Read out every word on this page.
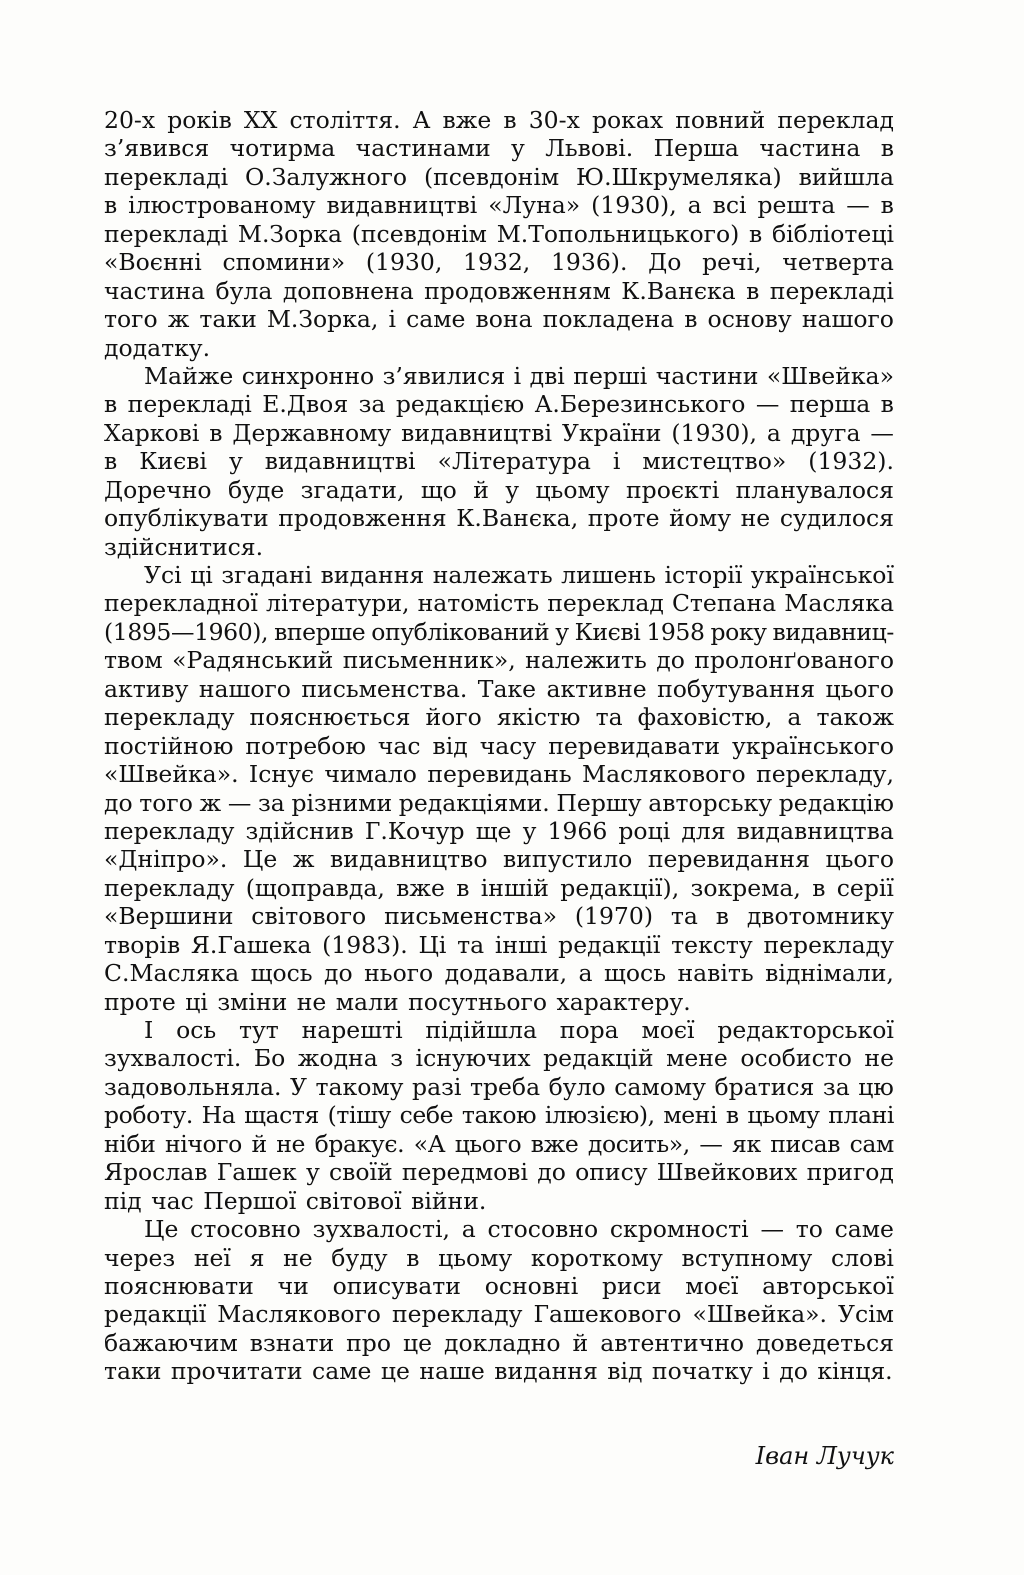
20-х років XX століття. А вже в 30-х роках повний переклад
з’явився чотирма частинами у Львові. Перша частина в
перекладі О.Залужного (псевдонім Ю.Шкрумеляка) вийшла
в ілюстрованому видавництві «Луна» (1930), а всі решта — в
перекладі М.Зорка (псевдонім М.Топольницького) в бібліотеці
«Воєнні спомини» (1930, 1932, 1936). До речі, четверта
частина була доповнена продовженням К.Ванєка в перекладі
того ж таки М.Зорка, і саме вона покладена в основу нашого
додатку.
Майже синхронно з’явилися і дві перші частини «Швейка»
в перекладі Е.Двоя за редакцією А.Березинського — перша в
Харкові в Державному видавництві України (1930), а друга —
в Києві у видавництві «Література і мистецтво» (1932).
Доречно буде згадати, що й у цьому проєкті планувалося
опублікувати продовження К.Ванєка, проте йому не судилося
здійснитися.
Усі ці згадані видання належать лишень історії української
перекладної літератури, натомість переклад Степана Масляка
(1895—1960), вперше опублікований у Києві 1958 року видавниц-
твом «Радянський письменник», належить до пролонґованого
активу нашого письменства. Таке активне побутування цього
перекладу пояснюється його якістю та фаховістю, а також
постійною потребою час від часу перевидавати українського
«Швейка». Існує чимало перевидань Маслякового перекладу,
до того ж — за різними редакціями. Першу авторську редакцію
перекладу здійснив Г.Кочур ще у 1966 році для видавництва
«Дніпро». Це ж видавництво випустило перевидання цього
перекладу (щоправда, вже в іншій редакції), зокрема, в серії
«Вершини світового письменства» (1970) та в двотомнику
творів Я.Гашека (1983). Ці та інші редакції тексту перекладу
С.Масляка щось до нього додавали, а щось навіть віднімали,
проте ці зміни не мали посутнього характеру.
І ось тут нарешті підійшла пора моєї редакторської
зухвалості. Бо жодна з існуючих редакцій мене особисто не
задовольняла. У такому разі треба було самому братися за цю
роботу. На щастя (тішу себе такою ілюзією), мені в цьому плані
ніби нічого й не бракує. «А цього вже досить», — як писав сам
Ярослав Гашек у своїй передмові до опису Швейкових пригод
під час Першої світової війни.
Це стосовно зухвалості, а стосовно скромності — то саме
через неї я не буду в цьому короткому вступному слові
пояснювати чи описувати основні риси моєї авторської
редакції Маслякового перекладу Гашекового «Швейка». Усім
бажаючим взнати про це докладно й автентично доведеться
таки прочитати саме це наше видання від початку і до кінця.
Іван Лучук
